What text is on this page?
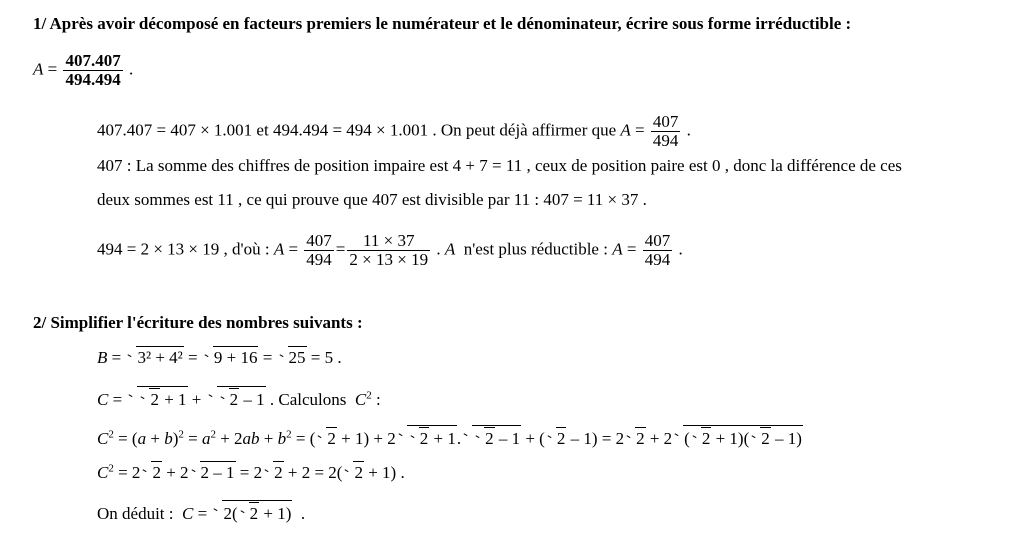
1/ Après avoir décomposé en facteurs premiers le numérateur et le dénominateur, écrire sous forme irréductible :
$A = \frac{407.407}{494.494}$ .
407.407 = 407 × 1.001 et 494.494 = 494 × 1.001 . On peut déjà affirmer que $A = \frac{407}{494}$ .
407 : La somme des chiffres de position impaire est 4 + 7 = 11 , ceux de position paire est 0 , donc la différence de ces
deux sommes est 11 , ce qui prouve que 407 est divisible par 11 : 407 = 11 × 37 .
494 = 2 × 13 × 19 , d'où : $A = \frac{407}{494} = \frac{11 \times 37}{2 \times 13 \times 19}$ . A n'est plus réductible : $A = \frac{407}{494}$ .
2/ Simplifier l'écriture des nombres suivants :
B = 3² + 4² = 9 + 16 = 25 = 5 .
C = 2 + 1 + 2 – 1 . Calculons $C^2$ :
$C^2 = (a + b)^2 = a^2 + 2ab + b^2$ = ( 2 + 1) + 2 2 + 1. 2 – 1 + ( 2 – 1) = 2 2 + 2 ( 2 + 1)( 2 – 1)
$C^2 = 2$ 2 + 2 2 – 1 = 2 2 + 2 = 2( 2 + 1) .
On déduit : C = 2( 2 + 1)  .
